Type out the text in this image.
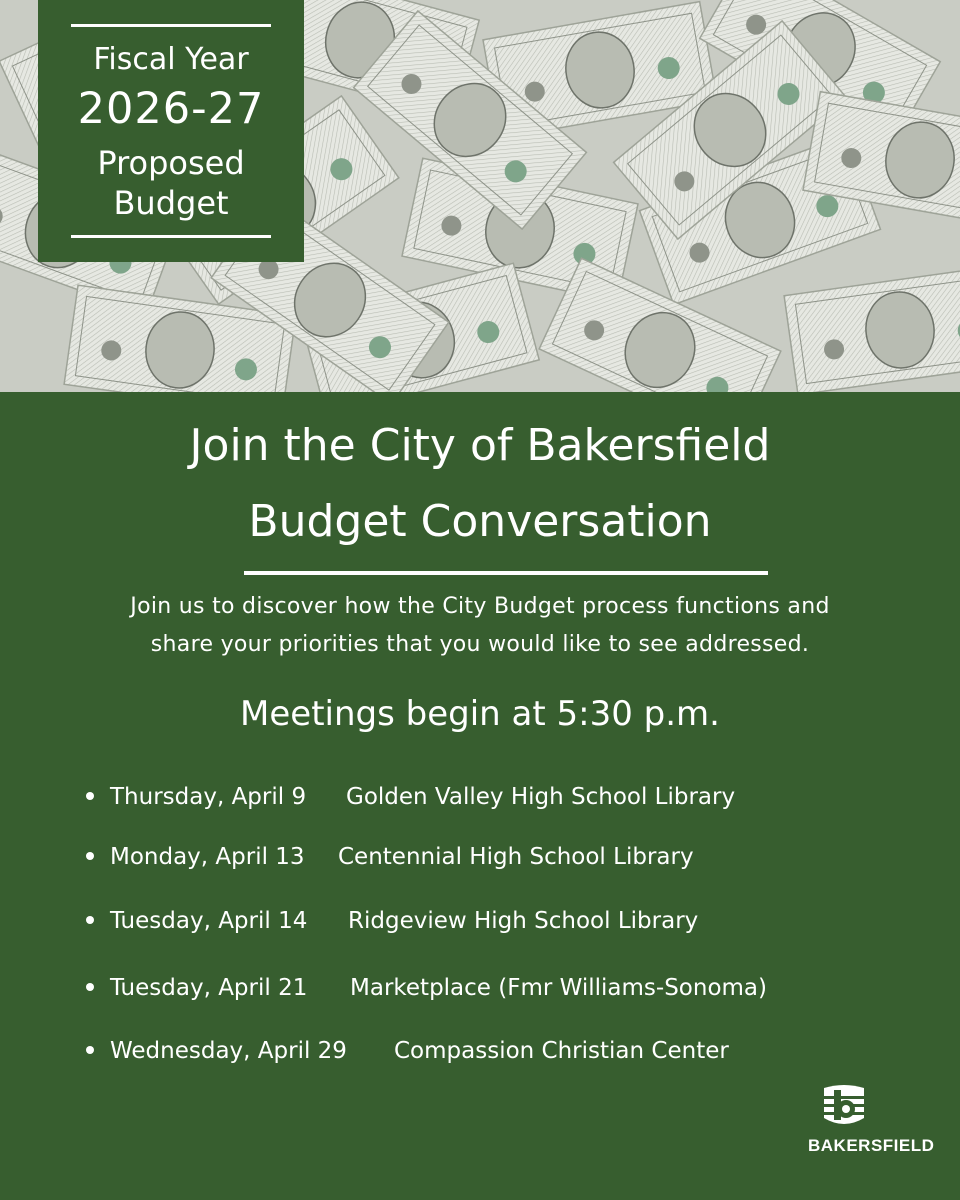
Fiscal Year
2026-27
Proposed
Budget
Join the City of Bakersfield
Budget Conversation
Join us to discover how the City Budget process functions and
share your priorities that you would like to see addressed.
Meetings begin at 5:30 p.m.
Thursday, April 9 Golden Valley High School Library
Monday, April 13 Centennial High School Library
Tuesday, April 14 Ridgeview High School Library
Tuesday, April 21 Marketplace (Fmr Williams-Sonoma)
Wednesday, April 29 Compassion Christian Center
BAKERSFIELD
